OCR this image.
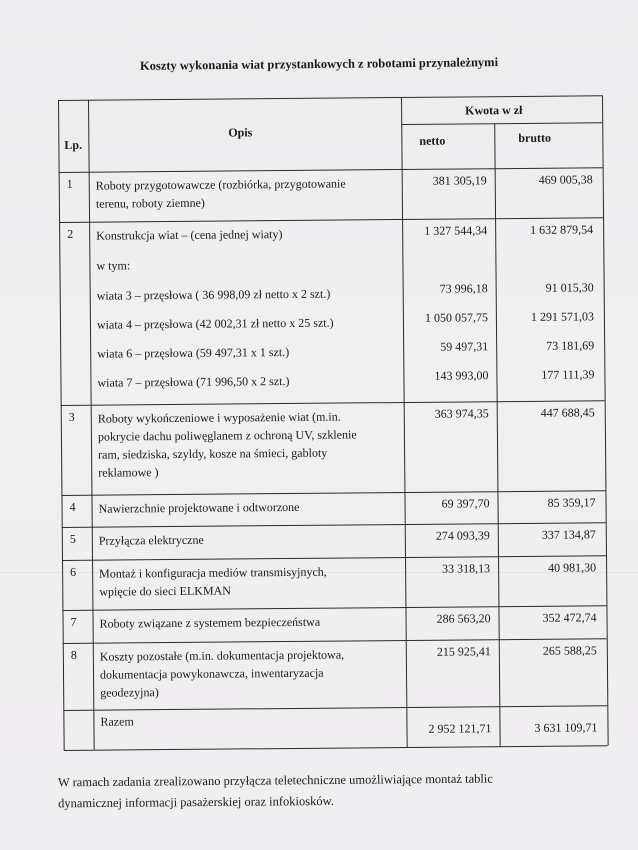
Koszty wykonania wiat przystankowych z robotami przynależnymi
Lp.
Opis
Kwota w zł
netto	brutto
1 Roboty przygotowawcze (rozbiórka, przygotowanie
terenu, roboty ziemne)
381 305,19	469 005,38
2 Konstrukcja wiat – (cena jednej wiaty)	1 327 544,34	1 632 879,54
w tym:
wiata 3 – przęsłowa ( 36 998,09 zł netto x 2 szt.)	73 996,18	91 015,30
wiata 4 – przęsłowa (42 002,31 zł netto x 25 szt.)	1 050 057,75	1 291 571,03
wiata 6 – przęsłowa (59 497,31 x 1 szt.)	59 497,31	73 181,69
wiata 7 – przęsłowa (71 996,50 x 2 szt.)	143 993,00	177 111,39
3 Roboty wykończeniowe i wyposażenie wiat (m.in.
pokrycie dachu poliwęglanem z ochroną UV, szklenie
ram, siedziska, szyldy, kosze na śmieci, gabloty
reklamowe )
363 974,35	447 688,45
4 Nawierzchnie projektowane i odtworzone	69 397,70	85 359,17
5 Przyłącza elektryczne	274 093,39	337 134,87
6 Montaż i konfiguracja mediów transmisyjnych,
wpięcie do sieci ELKMAN
33 318,13	40 981,30
7 Roboty związane z systemem bezpieczeństwa	286 563,20	352 472,74
8 Koszty pozostałe (m.in. dokumentacja projektowa,
dokumentacja powykonawcza, inwentaryzacja
geodezyjna)
215 925,41	265 588,25
Razem	2 952 121,71	3 631 109,71
W ramach zadania zrealizowano przyłącza teletechniczne umożliwiające montaż tablic
dynamicznej informacji pasażerskiej oraz infokiosków.
